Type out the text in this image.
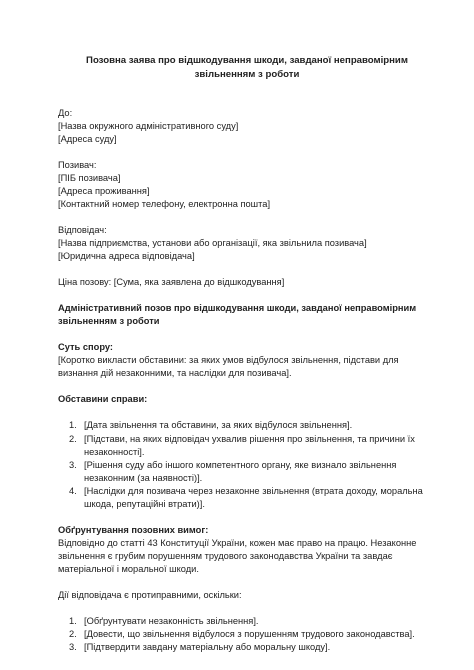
Позовна заява про відшкодування шкоди, завданої неправомірним
звільненням з роботи
До:
[Назва окружного адміністративного суду]
[Адреса суду]
Позивач:
[ПІБ позивача]
[Адреса проживання]
[Контактний номер телефону, електронна пошта]
Відповідач:
[Назва підприємства, установи або організації, яка звільнила позивача]
[Юридична адреса відповідача]

Ціна позову: [Сума, яка заявлена до відшкодування]

Адміністративний позов про відшкодування шкоди, завданої неправомірним
звільненням з роботи

Суть спору:

[Коротко викласти обставини: за яких умов відбулося звільнення, підстави для
визнання дій незаконними, та наслідки для позивача].

Обставини справи:

1. [Дата звільнення та обставини, за яких відбулося звільнення].
2. [Підстави, на яких відповідач ухвалив рішення про звільнення, та причини їх
незаконності].
3. [Рішення суду або іншого компетентного органу, яке визнало звільнення
незаконним (за наявності)].
4. [Наслідки для позивача через незаконне звільнення (втрата доходу, моральна
шкода, репутаційні втрати)].

Обґрунтування позовних вимог:

Відповідно до статті 43 Конституції України, кожен має право на працю. Незаконне
звільнення є грубим порушенням трудового законодавства України та завдає
матеріальної і моральної шкоди.

Дії відповідача є протиправними, оскільки:

1. [Обґрунтувати незаконність звільнення].
2. [Довести, що звільнення відбулося з порушенням трудового законодавства].
3. [Підтвердити завдану матеріальну або моральну шкоду].
